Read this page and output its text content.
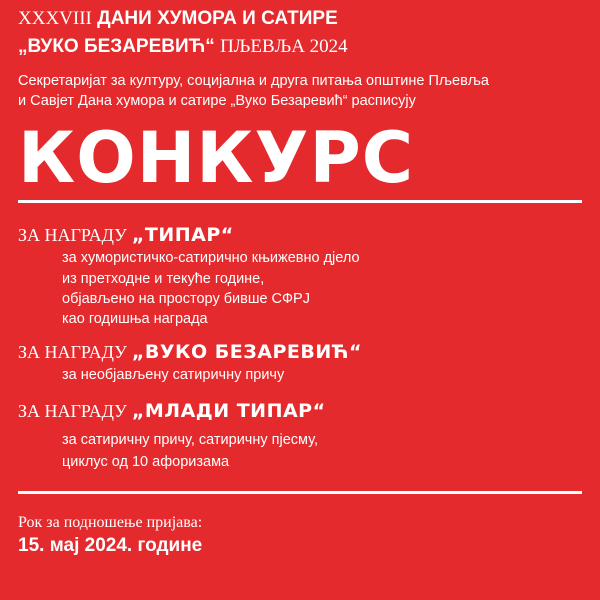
XXXVIII ДАНИ ХУМОРА И САТИРЕ
„ВУКО БЕЗАРЕВИЋ“ ПЉЕВЉА 2024
Секретаријат за културу, социјална и друга питања општине Пљевља
и Савјет Дана хумора и сатире „Вуко Безаревић“ расписују
КОНКУРС
ЗА НАГРАДУ „ТИПАР“
за хумористичко-сатирично књижевно дјело
из претходне и текуће године,
објављено на простору бивше СФРЈ
као годишња награда
ЗА НАГРАДУ „ВУКО БЕЗАРЕВИЋ“
за необјављену сатиричну причу
ЗА НАГРАДУ „МЛАДИ ТИПАР“
за сатиричну причу, сатиричну пјесму,
циклус од 10 афоризама
Рок за подношење пријава:
15. мај 2024. године
